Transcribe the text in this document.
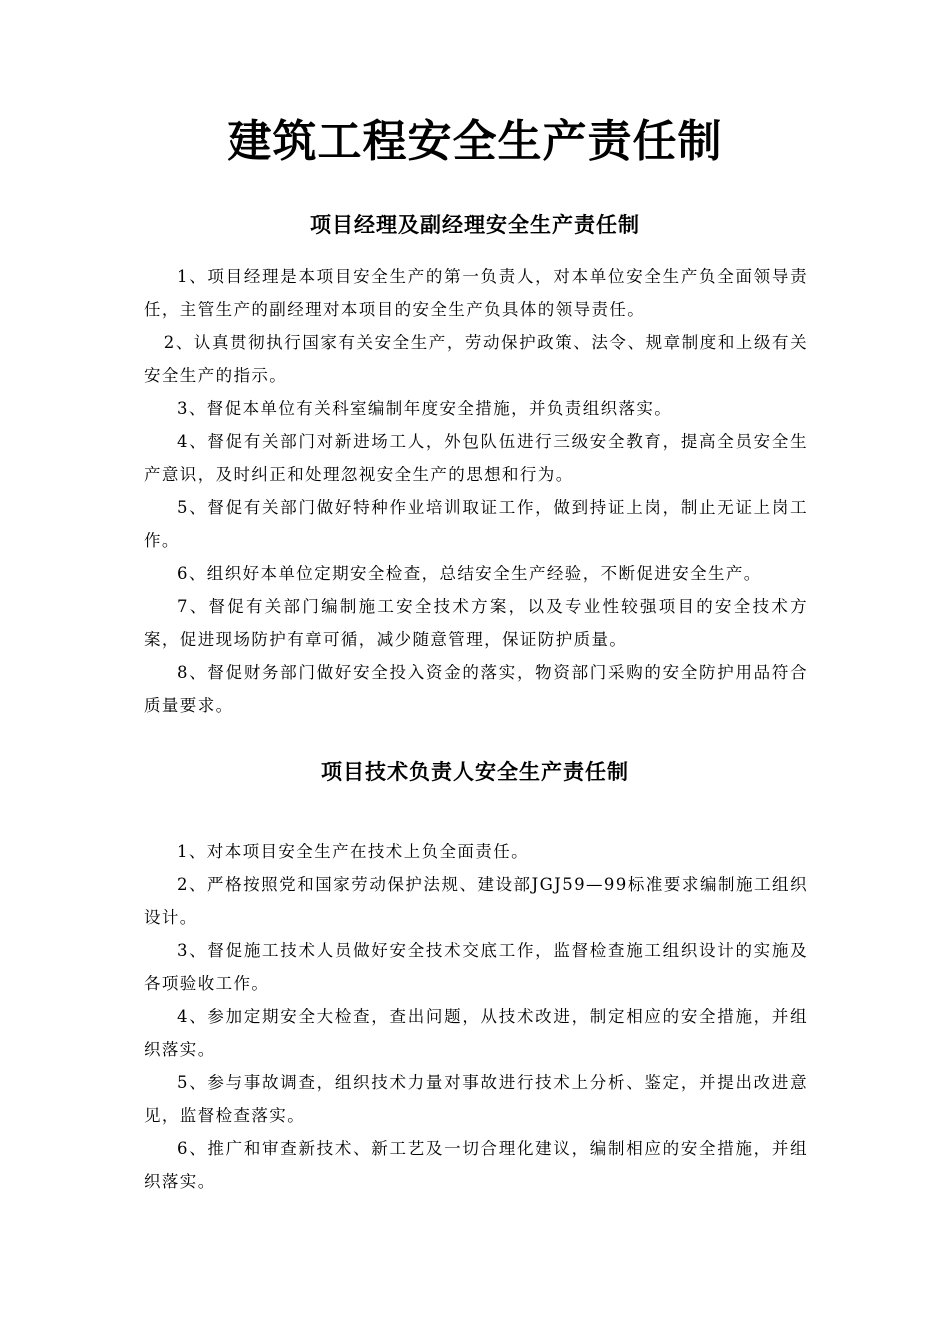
建筑工程安全生产责任制
项目经理及副经理安全生产责任制
1、项目经理是本项目安全生产的第一负责人，对本单位安全生产负全面领导责任，主管生产的副经理对本项目的安全生产负具体的领导责任。
2、认真贯彻执行国家有关安全生产，劳动保护政策、法令、规章制度和上级有关安全生产的指示。
3、督促本单位有关科室编制年度安全措施，并负责组织落实。
4、督促有关部门对新进场工人，外包队伍进行三级安全教育，提高全员安全生产意识，及时纠正和处理忽视安全生产的思想和行为。
5、督促有关部门做好特种作业培训取证工作，做到持证上岗，制止无证上岗工作。
6、组织好本单位定期安全检查，总结安全生产经验，不断促进安全生产。
7、督促有关部门编制施工安全技术方案，以及专业性较强项目的安全技术方案，促进现场防护有章可循，减少随意管理，保证防护质量。
8、督促财务部门做好安全投入资金的落实，物资部门采购的安全防护用品符合质量要求。
项目技术负责人安全生产责任制
1、对本项目安全生产在技术上负全面责任。
2、严格按照党和国家劳动保护法规、建设部JGJ59—99标准要求编制施工组织设计。
3、督促施工技术人员做好安全技术交底工作，监督检查施工组织设计的实施及各项验收工作。
4、参加定期安全大检查，查出问题，从技术改进，制定相应的安全措施，并组织落实。
5、参与事故调查，组织技术力量对事故进行技术上分析、鉴定，并提出改进意见，监督检查落实。
6、推广和审查新技术、新工艺及一切合理化建议，编制相应的安全措施，并组织落实。
